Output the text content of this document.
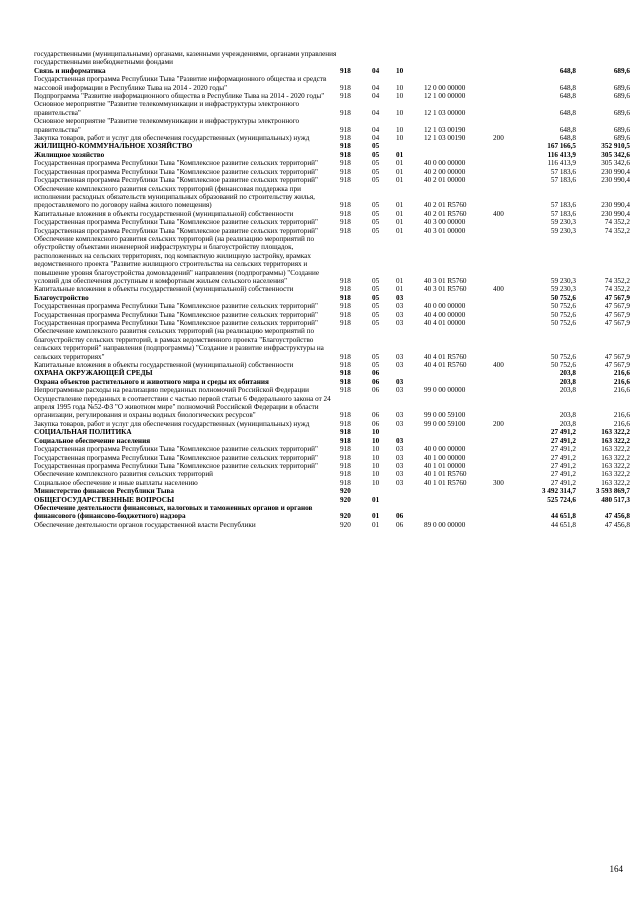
государственными (муниципальными) органами, казенными учреждениями, органами управления государственными внебюджетными фондами
Связь и информатика	918	04 10	648,8	689,6
Государственная программа Республики Тыва "Развитие информационного общества и средств массовой информации в Республике Тыва на 2014 - 2020 годы"	918	04 10	12 0 00 00000	648,8	689,6
Подпрограмма "Развитие информационного общества в Республике Тыва на 2014 - 2020 годы"	918	04 10	12 1 00 00000	648,8	689,6
Основное мероприятие "Развитие телекоммуникации и инфраструктуры электронного правительства"	918	04 10	12 1 03 00000	648,8	689,6
Основное мероприятие "Развитие телекоммуникации и инфраструктуры электронного правительства"	918	04 10	12 1 03 00190	648,8	689,6
Закупка товаров, работ и услуг для обеспечения государственных (муниципальных) нужд	918	04 10	12 1 03 00190	200	648,8	689,6
ЖИЛИЩНО-КОММУНАЛЬНОЕ ХОЗЯЙСТВО	918	05	167 166,5	352 910,5
Жилищное хозяйство	918	05 01	116 413,9	305 342,6
Государственная программа Республики Тыва "Комплексное развитие сельских территорий"	918	05 01	40 0 00 00000	116 413,9	305 342,6
Государственная программа Республики Тыва "Комплексное развитие сельских территорий"	918	05 01	40 2 00 00000	57 183,6	230 990,4
Государственная программа Республики Тыва "Комплексное развитие сельских территорий"	918	05 01	40 2 01 00000	57 183,6	230 990,4
Обеспечение комплексного развития сельских территорий (финансовая поддержка при исполнении расходных обязательств муниципальных образований по строительству жилья, предоставляемого по договору найма жилого помещения)	918	05 01	40 2 01 R5760	57 183,6	230 990,4
Капитальные вложения в объекты государственной (муниципальной) собственности	918	05 01	40 2 01 R5760	400	57 183,6	230 990,4
Государственная программа Республики Тыва "Комплексное развитие сельских территорий"	918	05 01	40 3 00 00000	59 230,3	74 352,2
Государственная программа Республики Тыва "Комплексное развитие сельских территорий"	918	05 01	40 3 01 00000	59 230,3	74 352,2
Обеспечение комплексного развития сельских территорий (на реализацию мероприятий по обустройству объектами инженерной инфраструктуры и благоустройству площадок, расположенных на сельских территориях, под компактную жилищную застройку, врамках ведомственного проекта "Развитие жилищного строительства на сельских территориях и повышение уровня благоустройства домовладений" направления (подпрограммы) "Создание условий для обеспечения доступным и комфортным жильем сельского населения"	918	05 01	40 3 01 R5760	59 230,3	74 352,2
Капитальные вложения в объекты государственной (муниципальной) собственности	918	05 01	40 3 01 R5760	400	59 230,3	74 352,2
Благоустройство	918	05 03	50 752,6	47 567,9
Государственная программа Республики Тыва "Комплексное развитие сельских территорий"	918	05 03	40 0 00 00000	50 752,6	47 567,9
Государственная программа Республики Тыва "Комплексное развитие сельских территорий"	918	05 03	40 4 00 00000	50 752,6	47 567,9
Государственная программа Республики Тыва "Комплексное развитие сельских территорий"	918	05 03	40 4 01 00000	50 752,6	47 567,9
Обеспечение комплексного развития сельских территорий (на реализацию мероприятий по благоустройству сельских территорий, в рамках ведомственного проекта "Благоустройство сельских территорий" направления (подпрограммы) "Создание и развитие инфраструктуры на сельских территориях"	918	05 03	40 4 01 R5760	50 752,6	47 567,9
Капитальные вложения в объекты государственной (муниципальной) собственности	918	05 03	40 4 01 R5760	400	50 752,6	47 567,9
ОХРАНА ОКРУЖАЮЩЕЙ СРЕДЫ	918	06	203,8	216,6
Охрана объектов растительного и животного мира и среды их обитания	918	06 03	203,8	216,6
Непрограммные расходы на реализацию переданных полномочий Российской Федерации	918	06 03	99 0 00 00000	203,8	216,6
Осуществление переданных в соответствии с частью первой статьи 6 Федерального закона от 24 апреля 1995 года №52-ФЗ "О животном мире" полномочий Российской Федерации в области организации, регулирования и охраны водных биологических ресурсов"	918	06 03	99 0 00 59100	203,8	216,6
Закупка товаров, работ и услуг для обеспечения государственных (муниципальных) нужд	918	06 03	99 0 00 59100	200	203,8	216,6
СОЦИАЛЬНАЯ ПОЛИТИКА	918	10	27 491,2	163 322,2
Социальное обеспечение населения	918	10 03	27 491,2	163 322,2
Государственная программа Республики Тыва "Комплексное развитие сельских территорий"	918	10 03	40 0 00 00000	27 491,2	163 322,2
Государственная программа Республики Тыва "Комплексное развитие сельских территорий"	918	10 03	40 1 00 00000	27 491,2	163 322,2
Государственная программа Республики Тыва "Комплексное развитие сельских территорий"	918	10 03	40 1 01 00000	27 491,2	163 322,2
Обеспечение комплексного развития сельских территорий	918	10 03	40 1 01 R5760	27 491,2	163 322,2
Социальное обеспечение и иные выплаты населению	918	10 03	40 1 01 R5760	300	27 491,2	163 322,2
Министерство финансов Республики Тыва	920	3 492 314,7	3 593 869,7
ОБЩЕГОСУДАРСТВЕННЫЕ ВОПРОСЫ	920	01	525 724,6	480 517,3
Обеспечение деятельности финансовых, налоговых и таможенных органов и органов финансового (финансово-бюджетного) надзора	920	01 06	44 651,8	47 456,8
Обеспечение деятельности органов государственной власти Республики	920	01 06	89 0 00 00000	44 651,8	47 456,8
164
